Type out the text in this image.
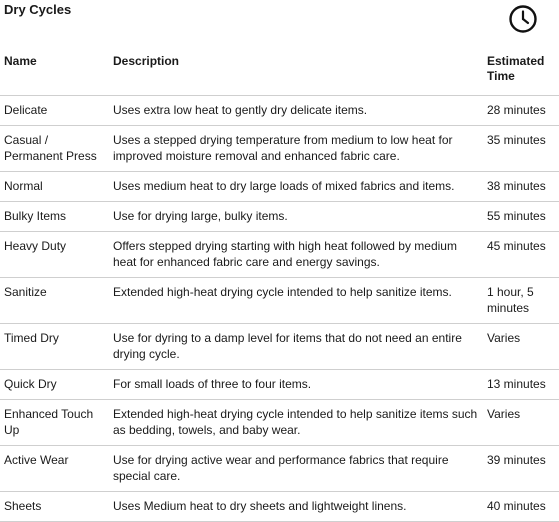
Dry Cycles
Name	Description	Estimated Time
Delicate	Uses extra low heat to gently dry delicate items.	28 minutes
Casual / Permanent Press	Uses a stepped drying temperature from medium to low heat for improved moisture removal and enhanced fabric care.	35 minutes
Normal	Uses medium heat to dry large loads of mixed fabrics and items.	38 minutes
Bulky Items	Use for drying large, bulky items.	55 minutes
Heavy Duty	Offers stepped drying starting with high heat followed by medium heat for enhanced fabric care and energy savings.	45 minutes
Sanitize	Extended high-heat drying cycle intended to help sanitize items.	1 hour, 5 minutes
Timed Dry	Use for dyring to a damp level for items that do not need an entire drying cycle.	Varies
Quick Dry	For small loads of three to four items.	13 minutes
Enhanced Touch Up	Extended high-heat drying cycle intended to help sanitize items such as bedding, towels, and baby wear.	Varies
Active Wear	Use for drying active wear and performance fabrics that require special care.	39 minutes
Sheets	Uses Medium heat to dry sheets and lightweight linens.	40 minutes
